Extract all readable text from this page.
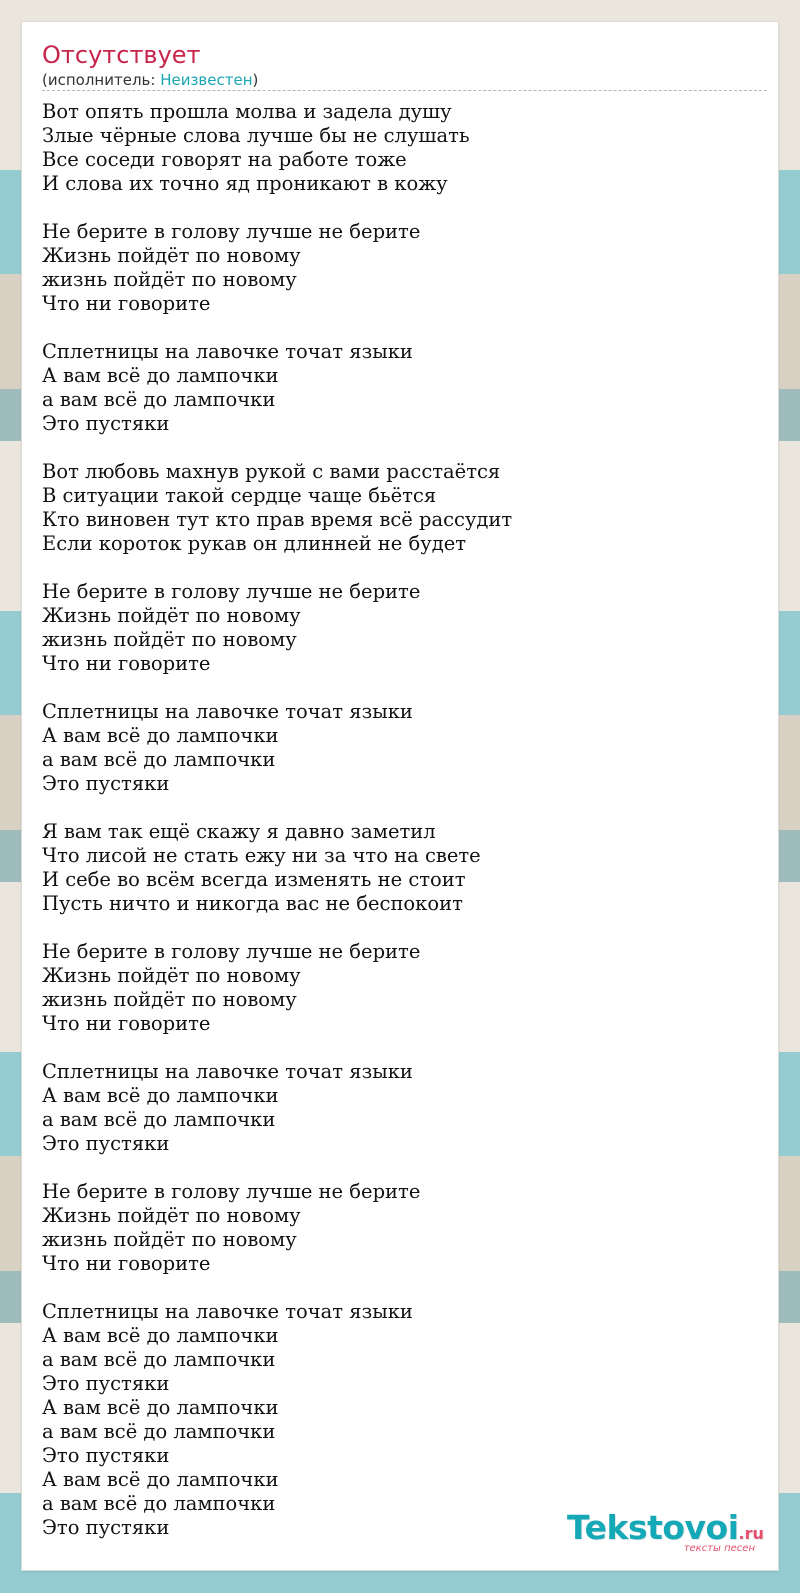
Отсутствует
(исполнитель: Неизвестен)
Вот опять прошла молва и задела душу
Злые чёрные слова лучше бы не слушать
Все соседи говорят на работе тоже
И слова их точно яд проникают в кожу
Не берите в голову лучше не берите
Жизнь пойдёт по новому
жизнь пойдёт по новому
Что ни говорите
Сплетницы на лавочке точат языки
А вам всё до лампочки
а вам всё до лампочки
Это пустяки
Вот любовь махнув рукой с вами расстаётся
В ситуации такой сердце чаще бьётся
Кто виновен тут кто прав время всё рассудит
Если короток рукав он длинней не будет
Не берите в голову лучше не берите
Жизнь пойдёт по новому
жизнь пойдёт по новому
Что ни говорите
Сплетницы на лавочке точат языки
А вам всё до лампочки
а вам всё до лампочки
Это пустяки
Я вам так ещё скажу я давно заметил
Что лисой не стать ежу ни за что на свете
И себе во всём всегда изменять не стоит
Пусть ничто и никогда вас не беспокоит
Не берите в голову лучше не берите
Жизнь пойдёт по новому
жизнь пойдёт по новому
Что ни говорите
Сплетницы на лавочке точат языки
А вам всё до лампочки
а вам всё до лампочки
Это пустяки
Не берите в голову лучше не берите
Жизнь пойдёт по новому
жизнь пойдёт по новому
Что ни говорите
Сплетницы на лавочке точат языки
А вам всё до лампочки
а вам всё до лампочки
Это пустяки
А вам всё до лампочки
а вам всё до лампочки
Это пустяки
А вам всё до лампочки
а вам всё до лампочки
Это пустяки	Tekstovoi.ru
тексты песен
